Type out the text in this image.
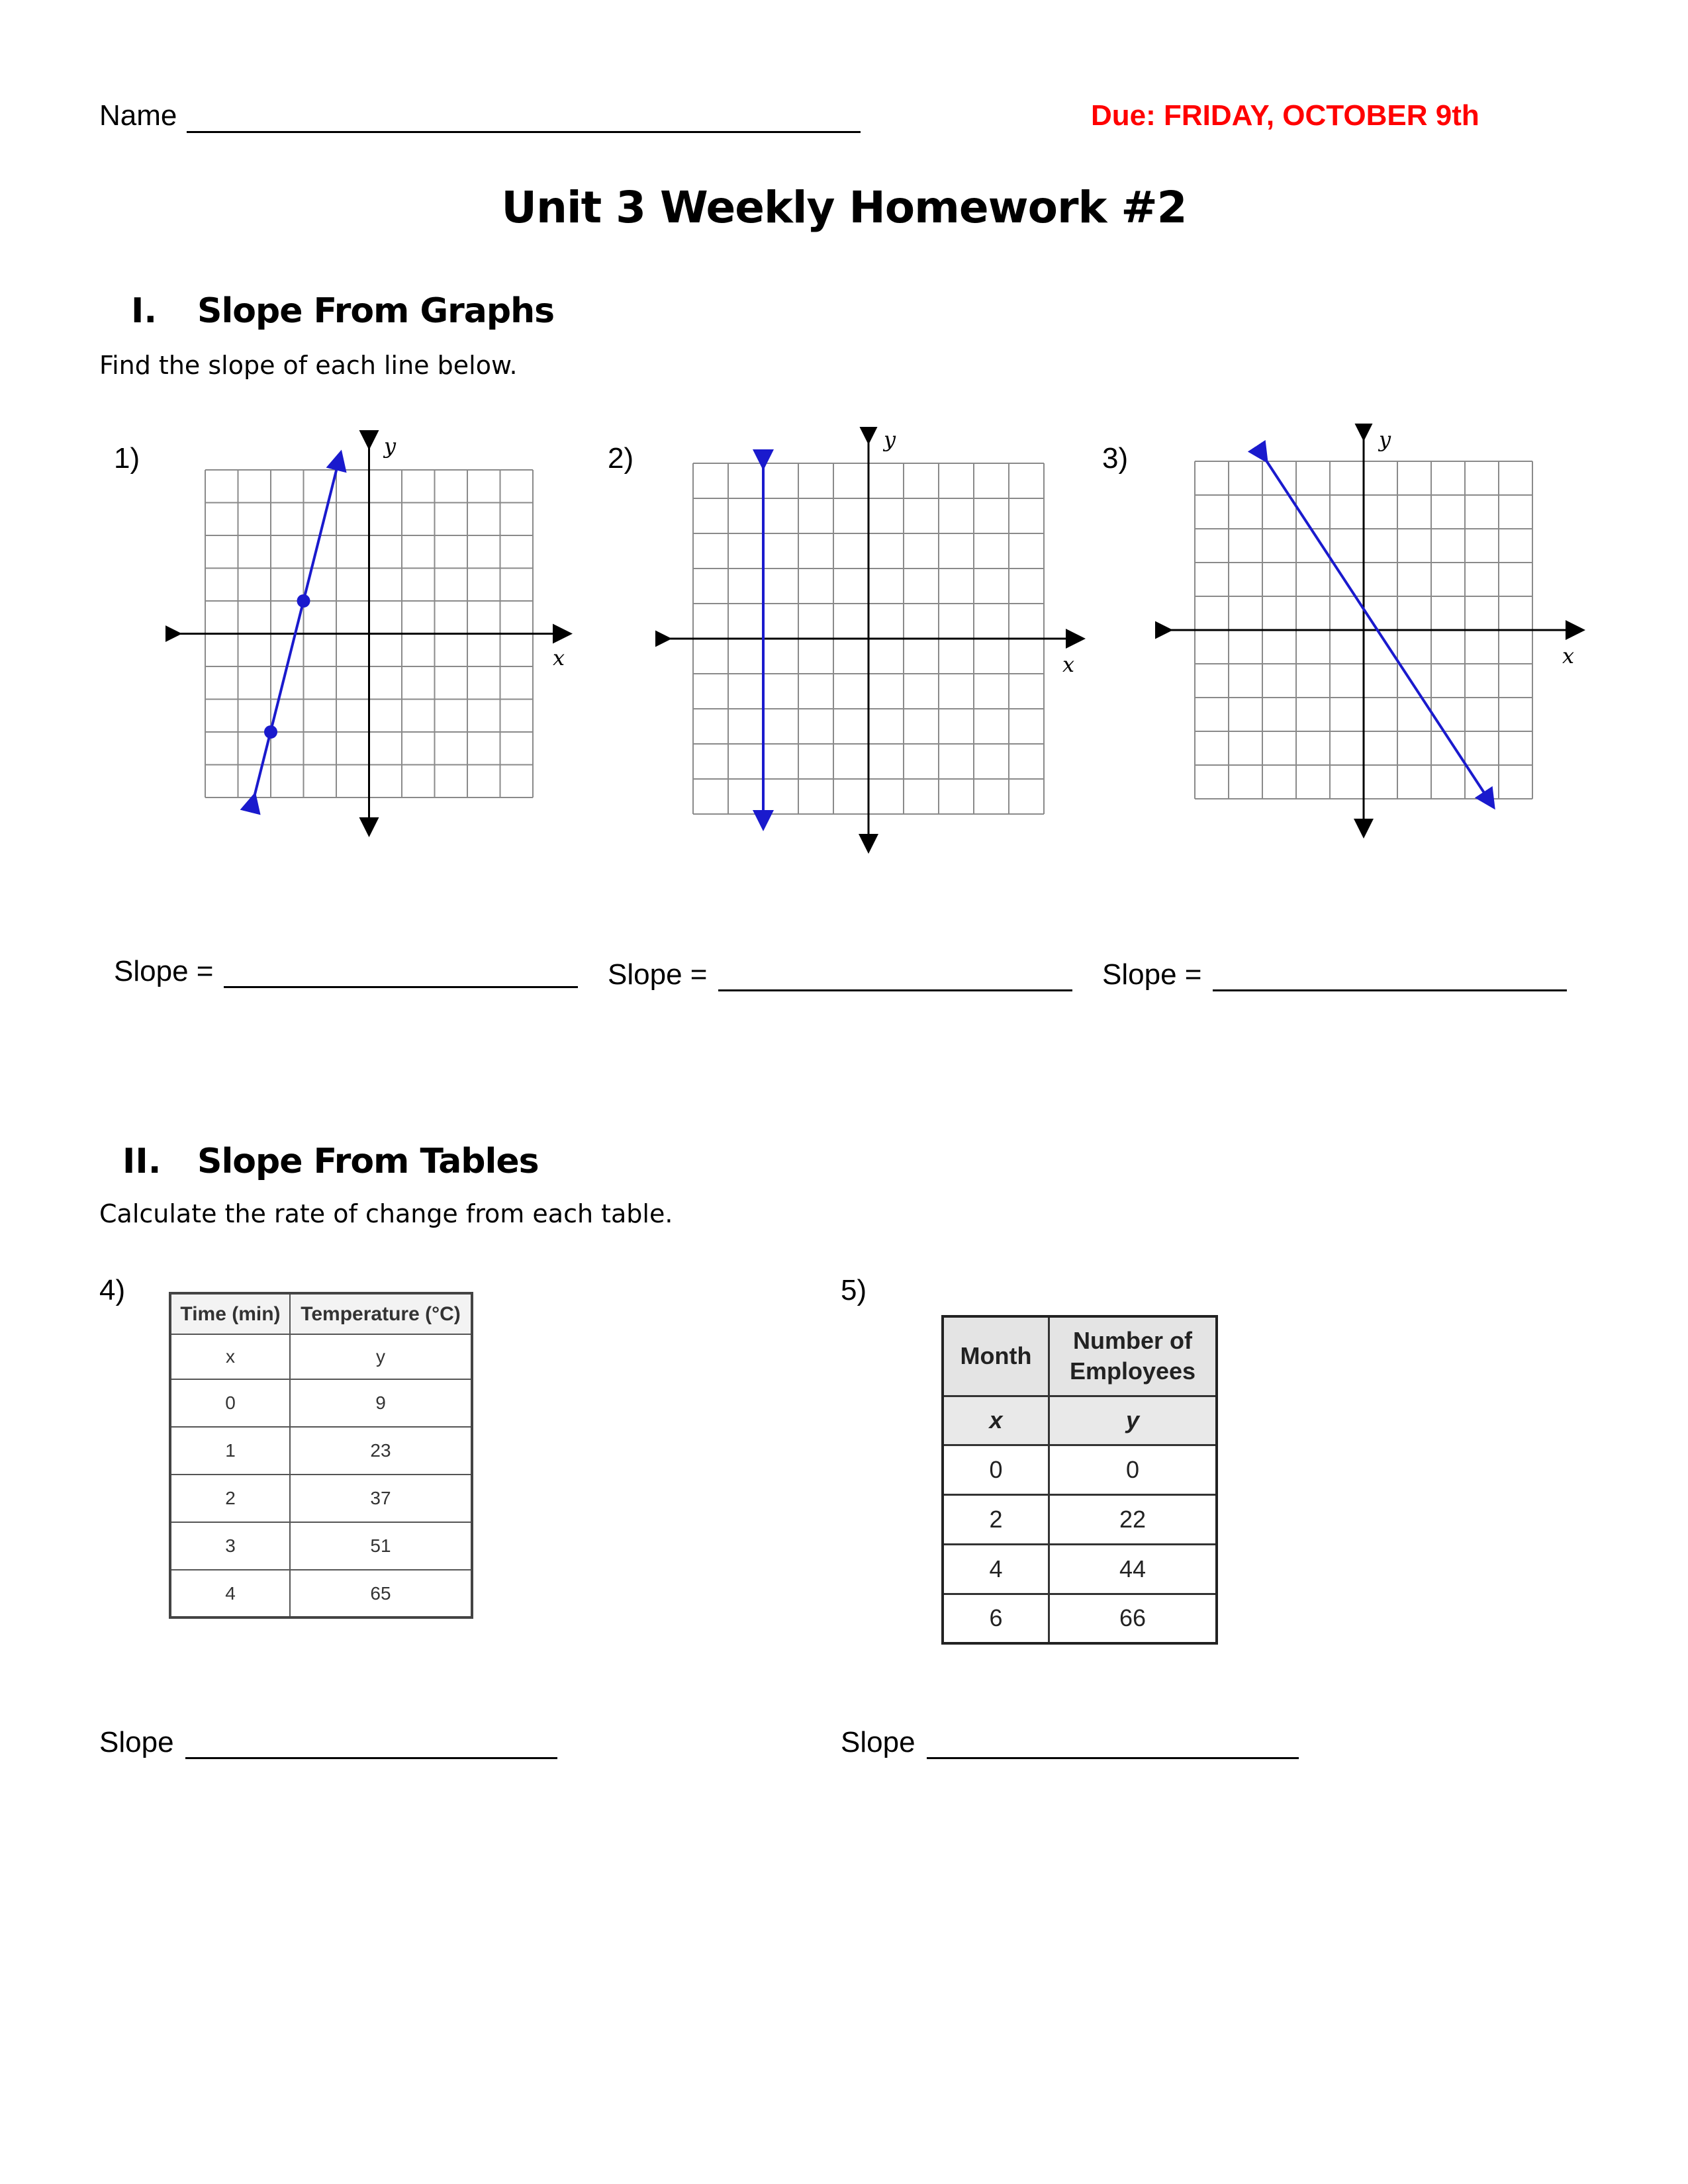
Name	Due: FRIDAY, OCTOBER 9th
Unit 3 Weekly Homework #2
I. Slope From Graphs
Find the slope of each line below.
1)	2)	3)
y
x
y
x
y
x
Slope =	Slope =	Slope =
II. Slope From Tables
Calculate the rate of change from each table.
4)	5)
Time (min)	Temperature (°C)
x	y
0	9
1	23
2	37
3	51
4	65
Month	Number of Employees
x	y
0	0
2	22
4	44
6	66
Slope	Slope
